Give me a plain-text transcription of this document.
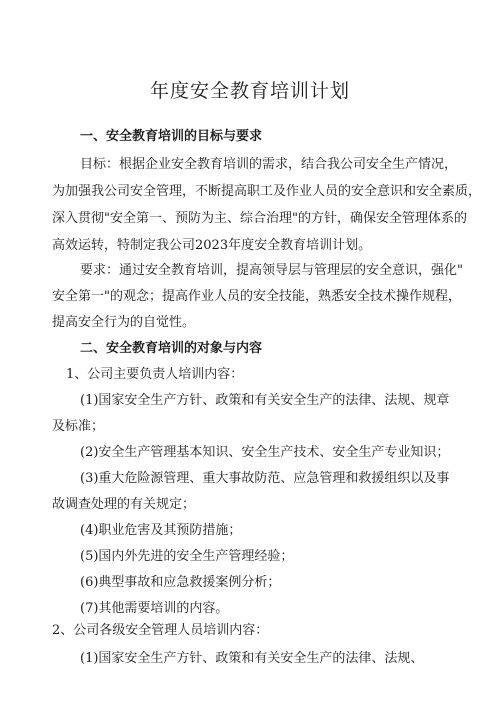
年度安全教育培训计划
一、安全教育培训的目标与要求
目标：根据企业安全教育培训的需求，结合我公司安全生产情况，
为加强我公司安全管理，不断提高职工及作业人员的安全意识和安全素质，
深入贯彻"安全第一、预防为主、综合治理"的方针，确保安全管理体系的
高效运转，特制定我公司2023年度安全教育培训计划。
要求：通过安全教育培训，提高领导层与管理层的安全意识，强化"
安全第一"的观念；提高作业人员的安全技能，熟悉安全技术操作规程，
提高安全行为的自觉性。
二、安全教育培训的对象与内容
1、公司主要负责人培训内容：
(1)国家安全生产方针、政策和有关安全生产的法律、法规、规章
及标准；
(2)安全生产管理基本知识、安全生产技术、安全生产专业知识；
(3)重大危险源管理、重大事故防范、应急管理和救援组织以及事
故调查处理的有关规定；
(4)职业危害及其预防措施；
(5)国内外先进的安全生产管理经验；
(6)典型事故和应急救援案例分析；
(7)其他需要培训的内容。
2、公司各级安全管理人员培训内容：
(1)国家安全生产方针、政策和有关安全生产的法律、法规、
